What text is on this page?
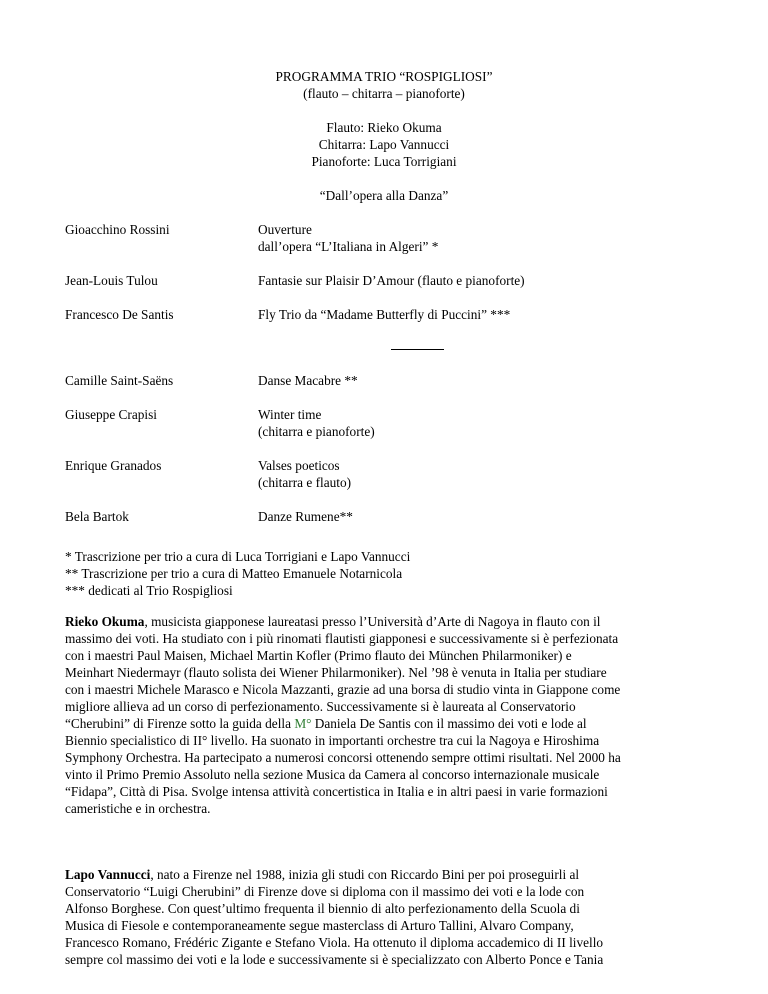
PROGRAMMA TRIO “ROSPIGLIOSI”
(flauto – chitarra – pianoforte)
Flauto: Rieko Okuma
Chitarra: Lapo Vannucci
Pianoforte: Luca Torrigiani
“Dall’opera alla Danza”
Gioacchino Rossini	Ouverture
dall’opera “L’Italiana in Algeri” *
Jean-Louis Tulou	Fantasie sur Plaisir D’Amour (flauto e pianoforte)
Francesco De Santis	Fly Trio da “Madame Butterfly di Puccini” ***
Camille Saint-Saëns	Danse Macabre **
Giuseppe Crapisi	Winter time
(chitarra e pianoforte)
Enrique Granados	Valses poeticos
(chitarra e flauto)
Bela Bartok	Danze Rumene**
* Trascrizione per trio a cura di Luca Torrigiani e Lapo Vannucci
** Trascrizione per trio a cura di Matteo Emanuele Notarnicola
*** dedicati al Trio Rospigliosi
Rieko Okuma, musicista giapponese laureatasi presso l’Università d’Arte di Nagoya in flauto con il
massimo dei voti. Ha studiato con i più rinomati flautisti giapponesi e successivamente si è perfezionata
con i maestri Paul Maisen, Michael Martin Kofler (Primo flauto dei München Philarmoniker) e
Meinhart Niedermayr (flauto solista dei Wiener Philarmoniker). Nel ’98 è venuta in Italia per studiare
con i maestri Michele Marasco e Nicola Mazzanti, grazie ad una borsa di studio vinta in Giappone come
migliore allieva ad un corso di perfezionamento. Successivamente si è laureata al Conservatorio
“Cherubini” di Firenze sotto la guida della M° Daniela De Santis con il massimo dei voti e lode al
Biennio specialistico di II° livello. Ha suonato in importanti orchestre tra cui la Nagoya e Hiroshima
Symphony Orchestra. Ha partecipato a numerosi concorsi ottenendo sempre ottimi risultati. Nel 2000 ha
vinto il Primo Premio Assoluto nella sezione Musica da Camera al concorso internazionale musicale
“Fidapa”, Città di Pisa. Svolge intensa attività concertistica in Italia e in altri paesi in varie formazioni
cameristiche e in orchestra.
Lapo Vannucci, nato a Firenze nel 1988, inizia gli studi con Riccardo Bini per poi proseguirli al
Conservatorio “Luigi Cherubini” di Firenze dove si diploma con il massimo dei voti e la lode con
Alfonso Borghese. Con quest’ultimo frequenta il biennio di alto perfezionamento della Scuola di
Musica di Fiesole e contemporaneamente segue masterclass di Arturo Tallini, Alvaro Company,
Francesco Romano, Frédéric Zigante e Stefano Viola. Ha ottenuto il diploma accademico di II livello
sempre col massimo dei voti e la lode e successivamente si è specializzato con Alberto Ponce e Tania
